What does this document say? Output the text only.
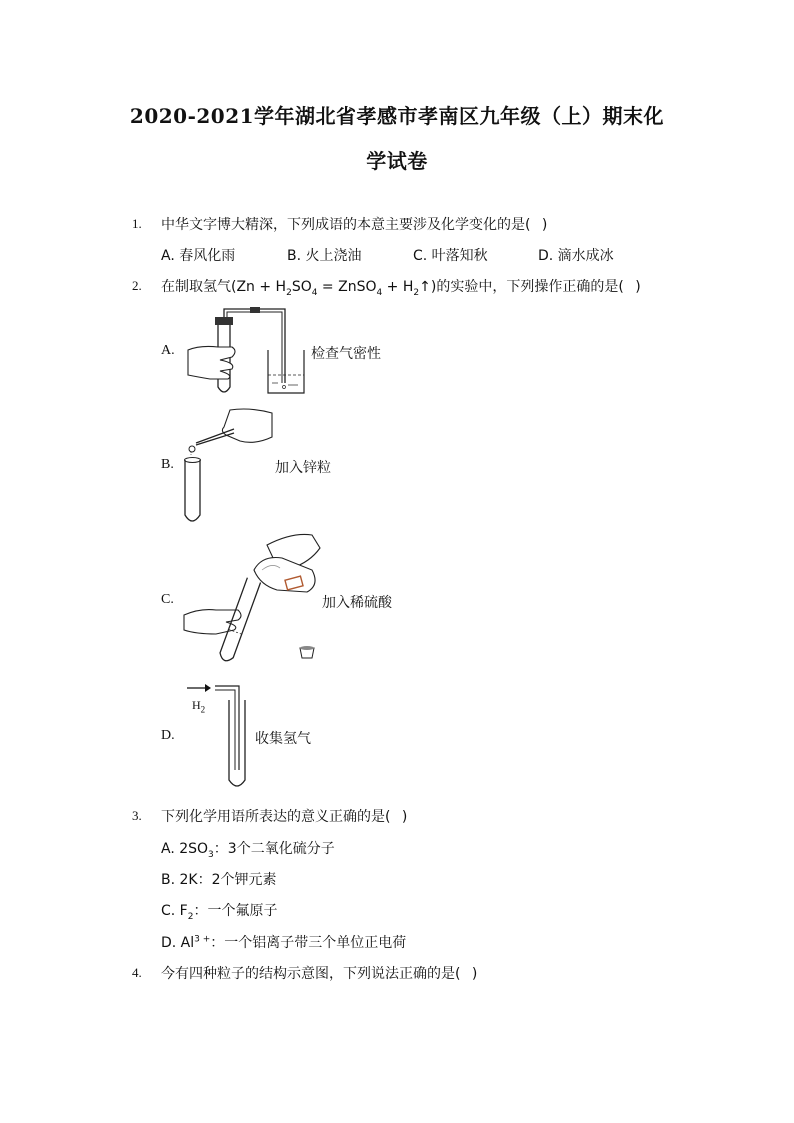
2020-2021学年湖北省孝感市孝南区九年级（上）期末化
学试卷
1. 中华文字博大精深，下列成语的本意主要涉及化学变化的是(  )
A. 春风化雨	B. 火上浇油	C. 叶落知秋	D. 滴水成冰
2. 在制取氢气($Zn + H_2SO_4$ = ZnSO$_4$ + $H_2↑$)的实验中，下列操作正确的是(  )
A.	检查气密性
B.	加入锌粒
C.	加入稀硫酸
D.
$H_2$
收集氢气
3. 下列化学用语所表达的意义正确的是(  )
A. $2SO_3$：3个二氧化硫分子
B. 2K：2个钾元素
C. $F_2$：一个氟原子
D. $Al^{3 +}$：一个铝离子带三个单位正电荷
4. 今有四种粒子的结构示意图，下列说法正确的是(  )
